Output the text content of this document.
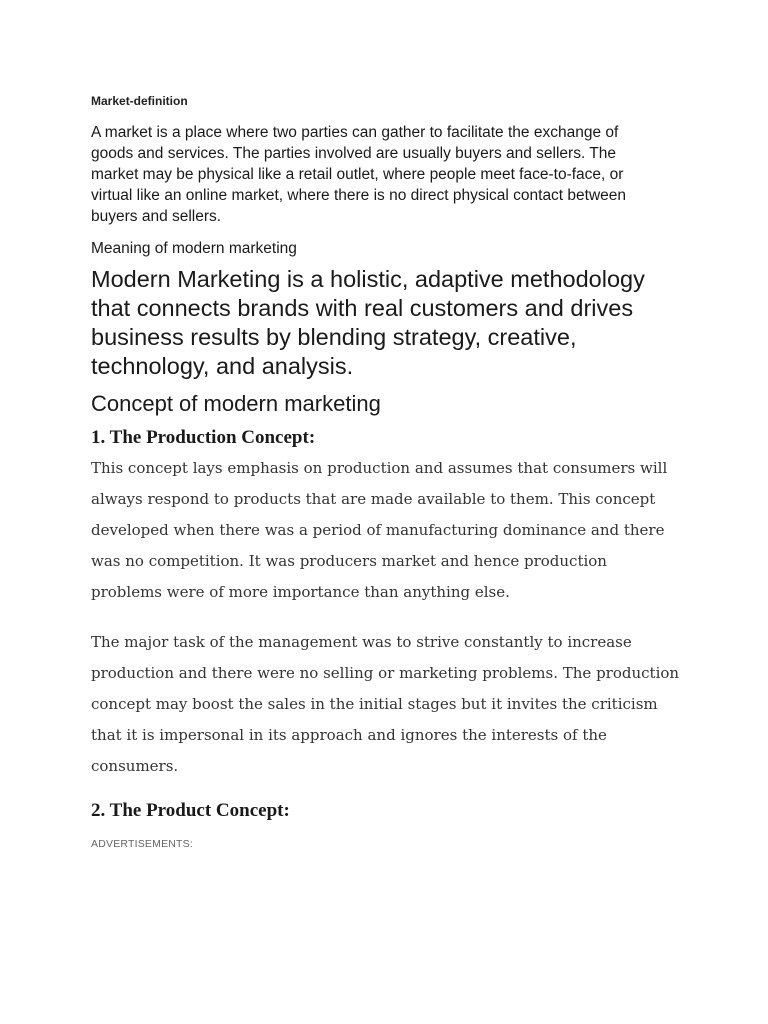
Market-definition

A market is a place where two parties can gather to facilitate the exchange of goods and services. The parties involved are usually buyers and sellers. The market may be physical like a retail outlet, where people meet face-to-face, or virtual like an online market, where there is no direct physical contact between buyers and sellers.

Meaning of modern marketing

Modern Marketing is a holistic, adaptive methodology that connects brands with real customers and drives business results by blending strategy, creative, technology, and analysis.

Concept of modern marketing

1. The Production Concept:

This concept lays emphasis on production and assumes that consumers will always respond to products that are made available to them. This concept developed when there was a period of manufacturing dominance and there was no competition. It was producers market and hence production problems were of more importance than anything else.

The major task of the management was to strive constantly to increase production and there were no selling or marketing problems. The production concept may boost the sales in the initial stages but it invites the criticism that it is impersonal in its approach and ignores the interests of the consumers.

2. The Product Concept:

ADVERTISEMENTS:
